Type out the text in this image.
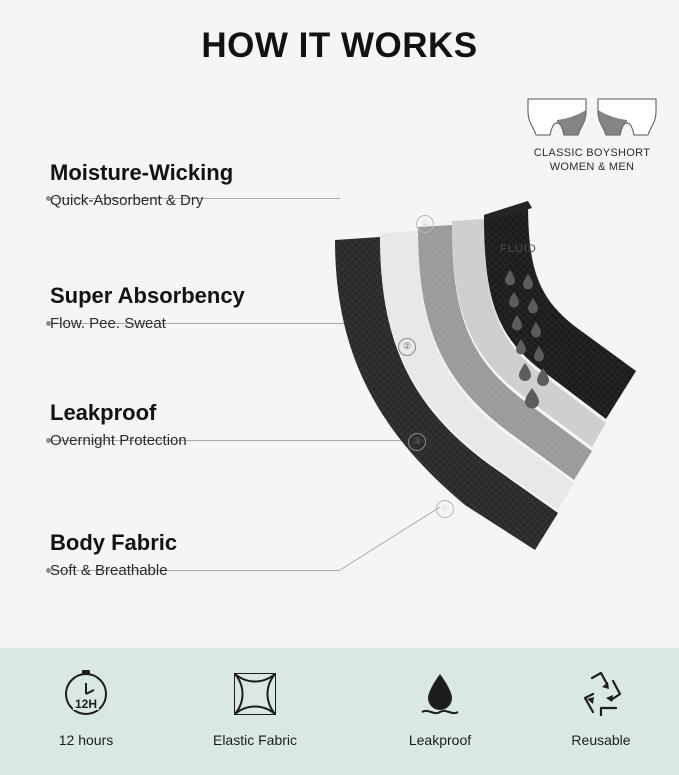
HOW IT WORKS
CLASSIC BOYSHORT
WOMEN & MEN
Moisture-Wicking
Quick-Absorbent & Dry
Super Absorbency
Flow. Pee. Sweat
Leakproof
Overnight Protection
Body Fabric
Soft & Breathable
①
②
③
④
FLUID
12H
12 hours	Elastic Fabric	Leakproof	Reusable
